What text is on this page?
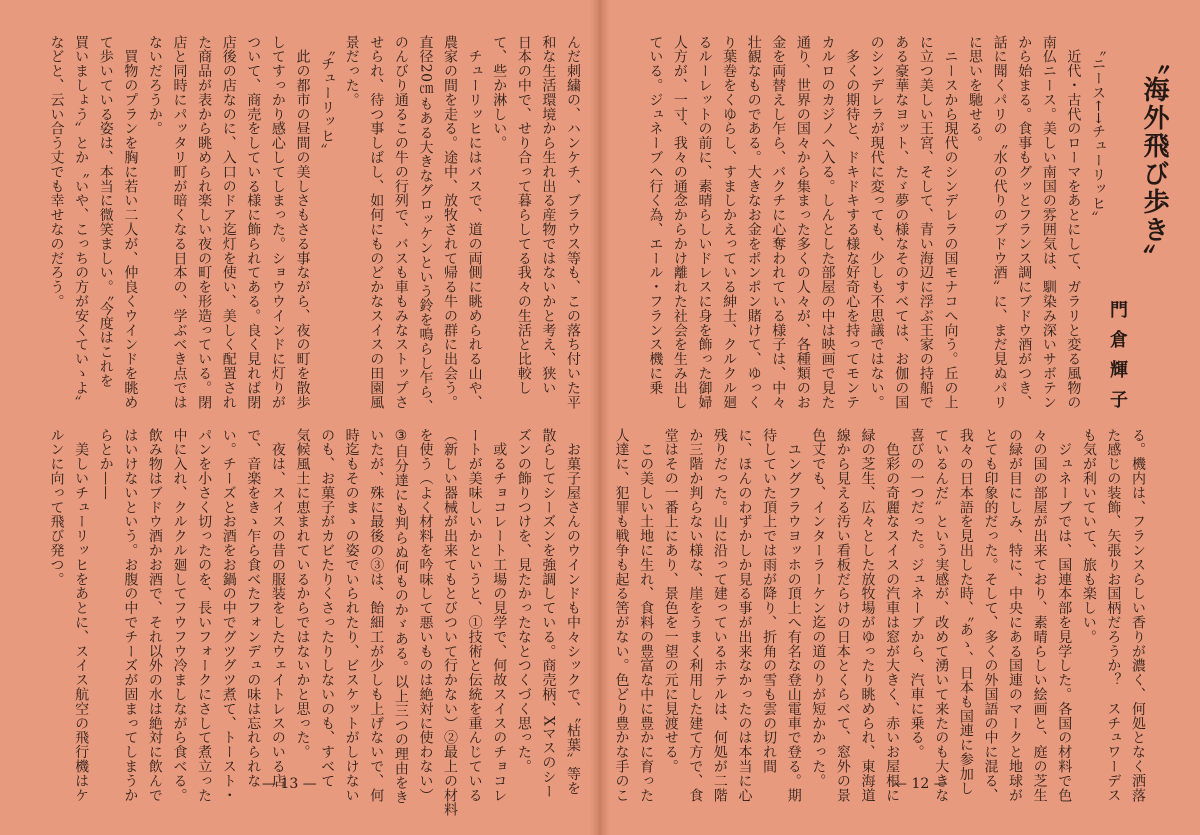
んだ刺繍の、ハンケチ、ブラウス等も、この落ち付いた平
和な生活環境から生れ出る産物ではないかと考え、狭い
日本の中で、せり合って暮らしてる我々の生活と比較し
て、些か淋しい。
　チューリッヒにはバスで、道の両側に眺められる山や、
農家の間を走る。途中、放牧されて帰る牛の群に出会う。
直径20㎝もある大きなグロッケンという鈴を鳴らし乍ら、
のんびり通るこの牛の行列で、バスも車もみなストップさ
せられ、待つ事しばし、如何にものどかなスイスの田園風
景だった。
　〝チューリッヒ〟
　此の都市の昼間の美しさもさる事ながら、夜の町を散歩
してすっかり感心してしまった。ショウウインドに灯りが
ついて、商売をしている様に飾られてある。良く見れば閉
店後の店なのに、入口のドア迄灯を使い、美しく配置され
た商品が表から眺められ楽しい夜の町を形造っている。閉
店と同時にパッタリ町が暗くなる日本の、学ぶべき点では
ないだろうか。
　買物のプランを胸に若い二人が、仲良くウインドを眺め
て歩いている姿は、本当に微笑ましい。〝今度はこれを
買いましょう〟とか〝いや、こっちの方が安くていゝよ〟
などと、云い合う丈でも幸せなのだろう。
　お菓子屋さんのウインドも中々シックで、〝枯葉〟等を
散らしてシーズンを強調している。商売柄、Xマスのシー
ズンの飾りつけを、見たかったなとつくづく思った。
　或るチョコレート工場の見学で、何故スイスのチョコレ
ートが美味しいかというと、①技術と伝統を重んじている
（新しい器械が出来てもとびついて行かない）②最上の材料
を使う（よく材料を吟味して悪いものは絶対に使わない）
③自分達にも判らぬ何ものかゞある。以上三つの理由をき
いたが、殊に最後の③は、飴細工が少しも上げないで、何
時迄もそのまゝの姿でいられたり、ビスケットがしけない
のも、お菓子がカビたりくさったりしないのも、すべて
気候風土に恵まれているからではないかと思った。
　夜は、スイスの昔の服装をしたウェイトレスのいる店
で、音楽をきゝ乍ら食べたフォンデュの味は忘れられな
い。チーズとお酒をお鍋の中でグツグツ煮て、トースト・
パンを小さく切ったのを、長いフォークにさして煮立った
中に入れ、クルクル廻してフウフウ冷ましながら食べる。
飲み物はブドウ酒かお酒で、それ以外の水は絶対に飲んで
はいけないという。お腹の中でチーズが固まってしまうか
らとか——
　美しいチューリッヒをあとに、スイス航空の飛行機はケ
ルンに向って飛び発つ。
— 13 —
〝海外飛び歩き〟
門倉輝子
　〝ニース←→チューリッヒ〟
　近代・古代のローマをあとにして、ガラリと変る風物の
南仏ニース。美しい南国の雰囲気は、馴染み深いサボテン
から始まる。食事もグッとフランス調にブドウ酒がつき、
話に聞くパリの〝水の代りのブドウ酒〟に、まだ見ぬパリ
に思いを馳せる。
　ニースから現代のシンデレラの国モナコへ向う。丘の上
に立つ美しい王宮、そして、青い海辺に浮ぶ王家の持船で
ある豪華なヨット、たゞ夢の様なそのすべては、お伽の国
のシンデレラが現代に変っても、少しも不思議ではない。
　多くの期待と、ドキドキする様な好奇心を持ってモンテ
カルロのカジノへ入る。しんとした部屋の中は映画で見た
通り、世界の国々から集まった多くの人々が、各種類のお
金を両替えし乍ら、バクチに心奪われている様子は、中々
壮観なものである。大きなお金をポンポン賭けて、ゆっく
り葉巻をくゆらし、すましかえっている紳士、クルクル廻
るルーレットの前に、素晴らしいドレスに身を飾った御婦
人方が、一寸、我々の通念からかけ離れた社会を生み出し
ている。ジュネーブへ行く為、エール・フランス機に乗
る。機内は、フランスらしい香りが濃く、何処となく洒落
た感じの装飾、矢張りお国柄だろうか？　スチュワーデス
も気が利いていて、旅も楽しい。
　ジュネーブでは、国連本部を見学した。各国の材料で色
々の国の部屋が出来ており、素晴らしい絵画と、庭の芝生
の緑が目にしみ、特に、中央にある国連のマークと地球が
とても印象的だった。そして、多くの外国語の中に混る、
我々の日本語を見出した時、〝あゝ、日本も国連に参加し
ているんだ〟という実感が、改めて湧いて来たのも大きな
喜びの一つだった。ジュネーブから、汽車に乗る。
　色彩の奇麗なスイスの汽車は窓が大きく、赤いお屋根に
緑の芝生、広々とした放牧場がゆったり眺められ、東海道
線から見える汚い看板だらけの日本とくらべて、窓外の景
色丈でも、インターラーケン迄の道のりが短かかった。
　ユングフラウヨッホの頂上へ有名な登山電車で登る。期
待していた頂上では雨が降り、折角の雪も雲の切れ間
に、ほんのわずかしか見る事が出来なかったのは本当に心
残りだった。山に沿って建っているホテルは、何処が二階
か三階か判らない様な、崖をうまく利用した建て方で、食
堂はその一番上にあり、景色を一望の元に見渡せる。
　この美しい土地に生れ、食料の豊富な中に豊かに育った
人達に、犯罪も戦争も起る筈がない。色どり豊かな手のこ	— 12 —
